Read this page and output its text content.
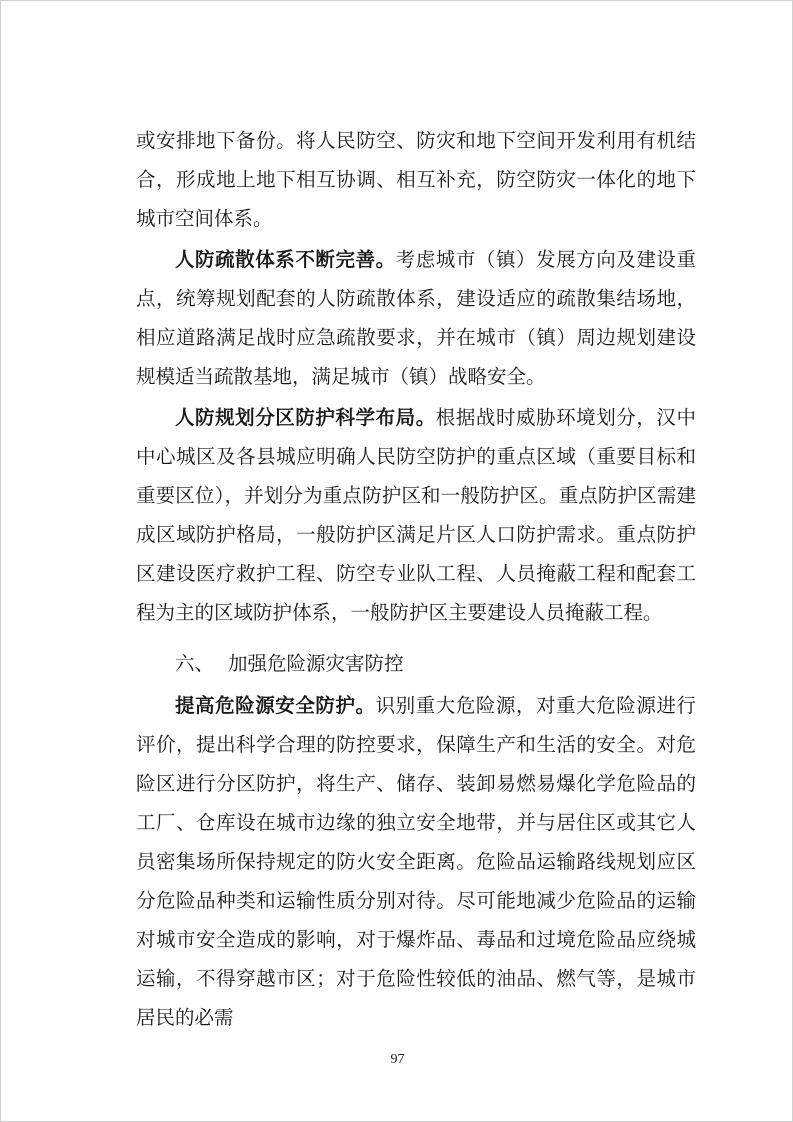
或安排地下备份。将人民防空、防灾和地下空间开发利用有机结合，形成地上地下相互协调、相互补充，防空防灾一体化的地下城市空间体系。

人防疏散体系不断完善。考虑城市（镇）发展方向及建设重点，统筹规划配套的人防疏散体系，建设适应的疏散集结场地，相应道路满足战时应急疏散要求，并在城市（镇）周边规划建设规模适当疏散基地，满足城市（镇）战略安全。

人防规划分区防护科学布局。根据战时威胁环境划分，汉中中心城区及各县城应明确人民防空防护的重点区域（重要目标和重要区位），并划分为重点防护区和一般防护区。重点防护区需建成区域防护格局，一般防护区满足片区人口防护需求。重点防护区建设医疗救护工程、防空专业队工程、人员掩蔽工程和配套工程为主的区域防护体系，一般防护区主要建设人员掩蔽工程。

六、 加强危险源灾害防控

提高危险源安全防护。识别重大危险源，对重大危险源进行评价，提出科学合理的防控要求，保障生产和生活的安全。对危险区进行分区防护，将生产、储存、装卸易燃易爆化学危险品的工厂、仓库设在城市边缘的独立安全地带，并与居住区或其它人员密集场所保持规定的防火安全距离。危险品运输路线规划应区分危险品种类和运输性质分别对待。尽可能地减少危险品的运输对城市安全造成的影响，对于爆炸品、毒品和过境危险品应绕城运输，不得穿越市区；对于危险性较低的油品、燃气等，是城市居民的必需

97
